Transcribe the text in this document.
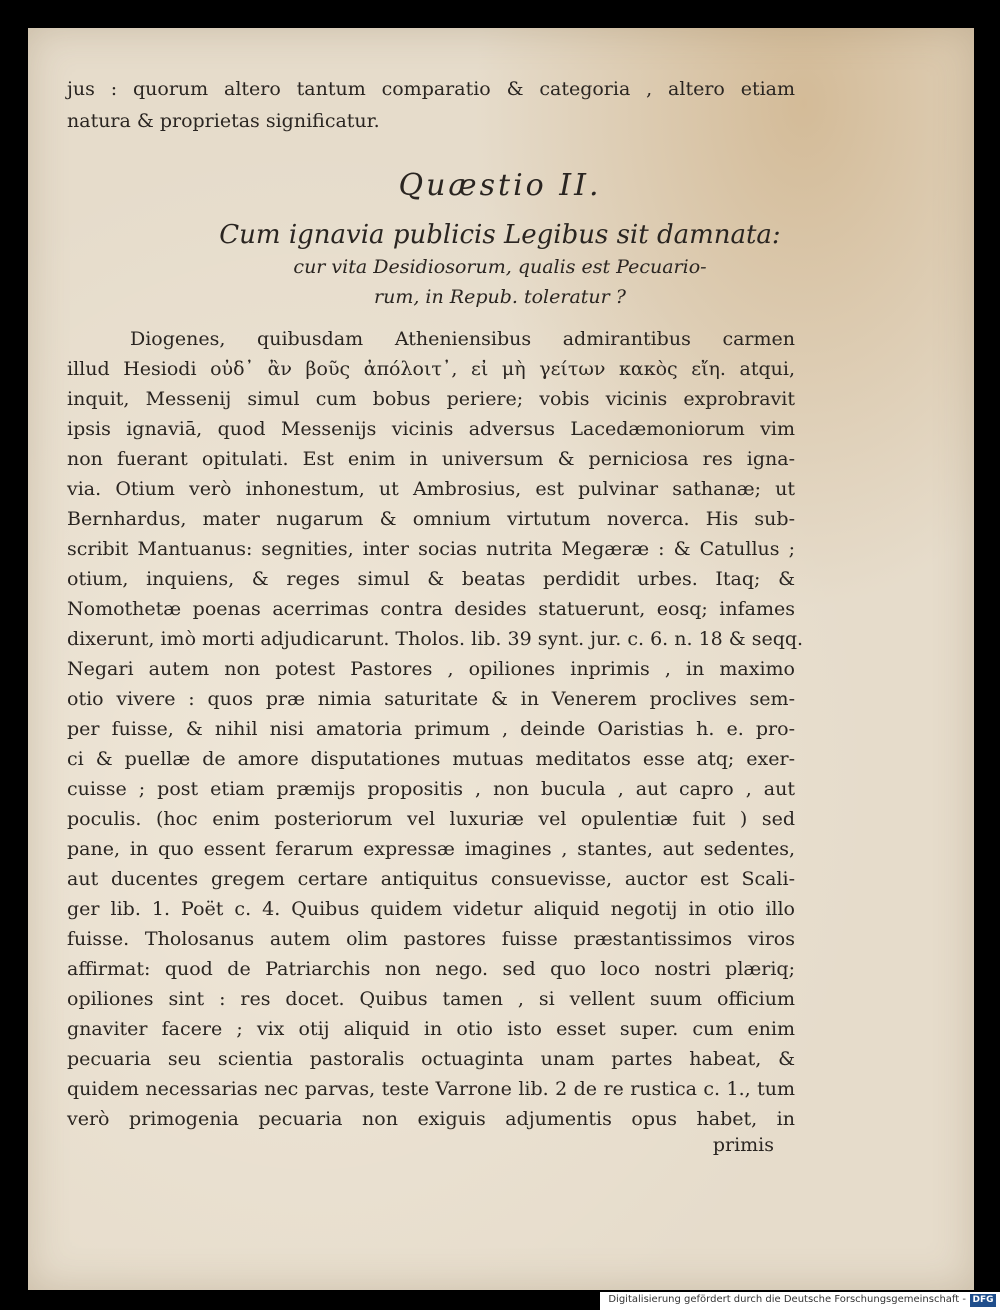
jus : quorum altero tantum comparatio & categoria , altero etiam
natura & proprietas significatur.
Quæstio II.
Cum ignavia publicis Legibus sit damnata:
cur vita Desidiosorum, qualis est Pecuario-
rum, in Repub. toleratur ?
Diogenes, quibusdam Atheniensibus admirantibus carmen
illud Hesiodi οὐδ᾽ ἂν βοῦς ἀπόλοιτ᾽, εἰ μὴ γείτων κακὸς εἴη. atqui,
inquit, Messenij simul cum bobus periere; vobis vicinis exprobravit
ipsis ignaviā, quod Messenijs vicinis adversus Lacedæmoniorum vim
non fuerant opitulati. Est enim in universum & perniciosa res igna-
via. Otium verò inhonestum, ut Ambrosius, est pulvinar sathanæ; ut
Bernhardus, mater nugarum & omnium virtutum noverca. His sub-
scribit Mantuanus: segnities, inter socias nutrita Megæræ : & Catullus ;
otium, inquiens, & reges simul & beatas perdidit urbes. Itaq; &
Nomothetæ poenas acerrimas contra desides statuerunt, eosq; infames
dixerunt, imò morti adjudicarunt. Tholos. lib. 39 synt. jur. c. 6. n. 18 & seqq.
Negari autem non potest Pastores , opiliones inprimis , in maximo
otio vivere : quos præ nimia saturitate & in Venerem proclives sem-
per fuisse, & nihil nisi amatoria primum , deinde Oaristias h. e. pro-
ci & puellæ de amore disputationes mutuas meditatos esse atq; exer-
cuisse ; post etiam præmijs propositis , non bucula , aut capro , aut
poculis. (hoc enim posteriorum vel luxuriæ vel opulentiæ fuit ) sed
pane, in quo essent ferarum expressæ imagines , stantes, aut sedentes,
aut ducentes gregem certare antiquitus consuevisse, auctor est Scali-
ger lib. 1. Poët c. 4. Quibus quidem videtur aliquid negotij in otio illo
fuisse. Tholosanus autem olim pastores fuisse præstantissimos viros
affirmat: quod de Patriarchis non nego. sed quo loco nostri plæriq;
opiliones sint : res docet. Quibus tamen , si vellent suum officium
gnaviter facere ; vix otij aliquid in otio isto esset super. cum enim
pecuaria seu scientia pastoralis octuaginta unam partes habeat, &
quidem necessarias nec parvas, teste Varrone lib. 2 de re rustica c. 1., tum
verò primogenia pecuaria non exiguis adjumentis opus habet, in
primis
Digitalisierung gefördert durch die Deutsche Forschungsgemeinschaft - DFG
